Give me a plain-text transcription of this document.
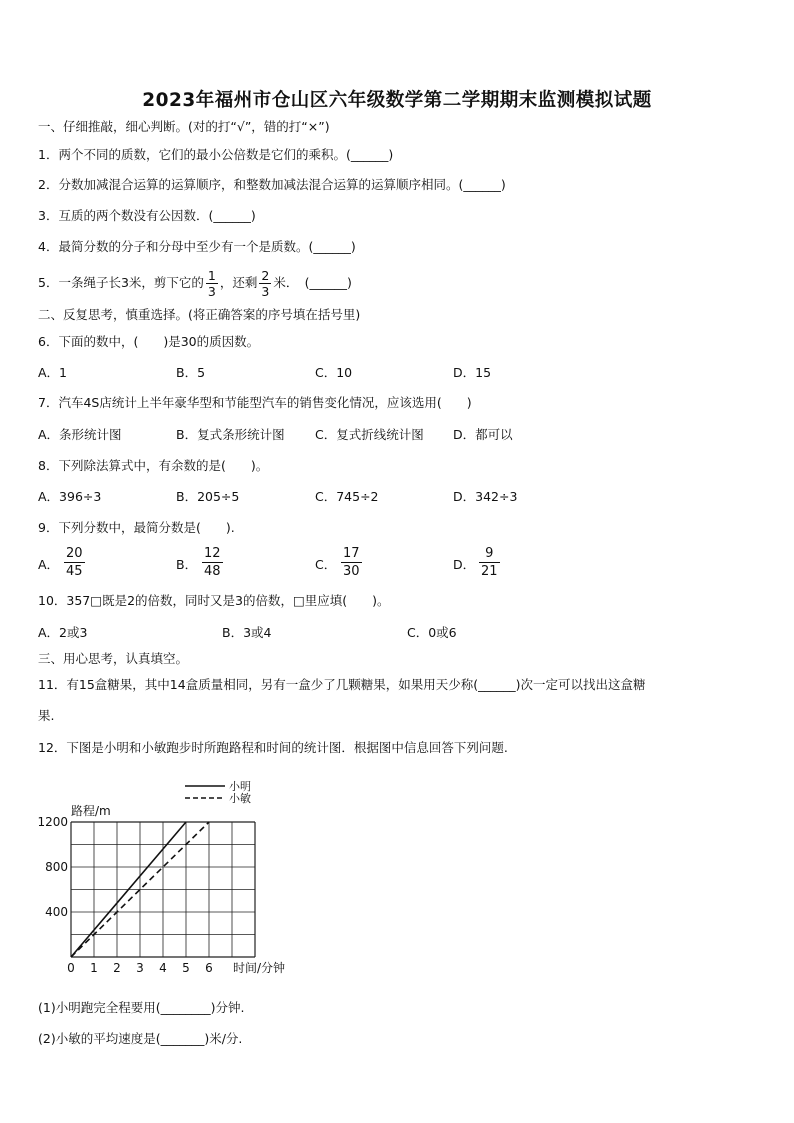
2023年福州市仓山区六年级数学第二学期期末监测模拟试题
一、仔细推敲，细心判断。(对的打“√”，错的打“×”)
1．两个不同的质数，它们的最小公倍数是它们的乘积。(______)
2．分数加减混合运算的运算顺序，和整数加减法混合运算的运算顺序相同。(______)
3．互质的两个数没有公因数．(______)
4．最简分数的分子和分母中至少有一个是质数。(______)
5．一条绳子长3米，剪下它的 $\frac{1}{3}$ ，还剩 $\frac{2}{3}$ 米．　(______)
二、反复思考，慎重选择。(将正确答案的序号填在括号里)
6．下面的数中，(　　)是30的质因数。
A．1	B．5	C．10	D．15
7．汽车4S店统计上半年豪华型和节能型汽车的销售变化情况，应该选用(　　)
A．条形统计图	B．复式条形统计图 C．复式折线统计图 D．都可以
8．下列除法算式中，有余数的是(　　)。
A．396÷3	B．205÷5	C．745÷2	D．342÷3
9．下列分数中，最简分数是(　　).
A． $\frac{20}{45}$	B． $\frac{12}{48}$	C． $\frac{17}{30}$	D． $\frac{9}{21}$
10．357□既是2的倍数，同时又是3的倍数，□里应填(　　)。
A．2或3	B．3或4	C．0或6
三、用心思考，认真填空。
11．有15盒糖果，其中14盒质量相同，另有一盒少了几颗糖果，如果用天少称(______)次一定可以找出这盒糖
果.
12．下图是小明和小敏跑步时所跑路程和时间的统计图．根据图中信息回答下列问题.
0 1 2 3 4 5 6
400
800
1200
路程/m
时间/分钟
小明
小敏
(1)小明跑完全程要用(________)分钟.
(2)小敏的平均速度是(_______)米/分.
